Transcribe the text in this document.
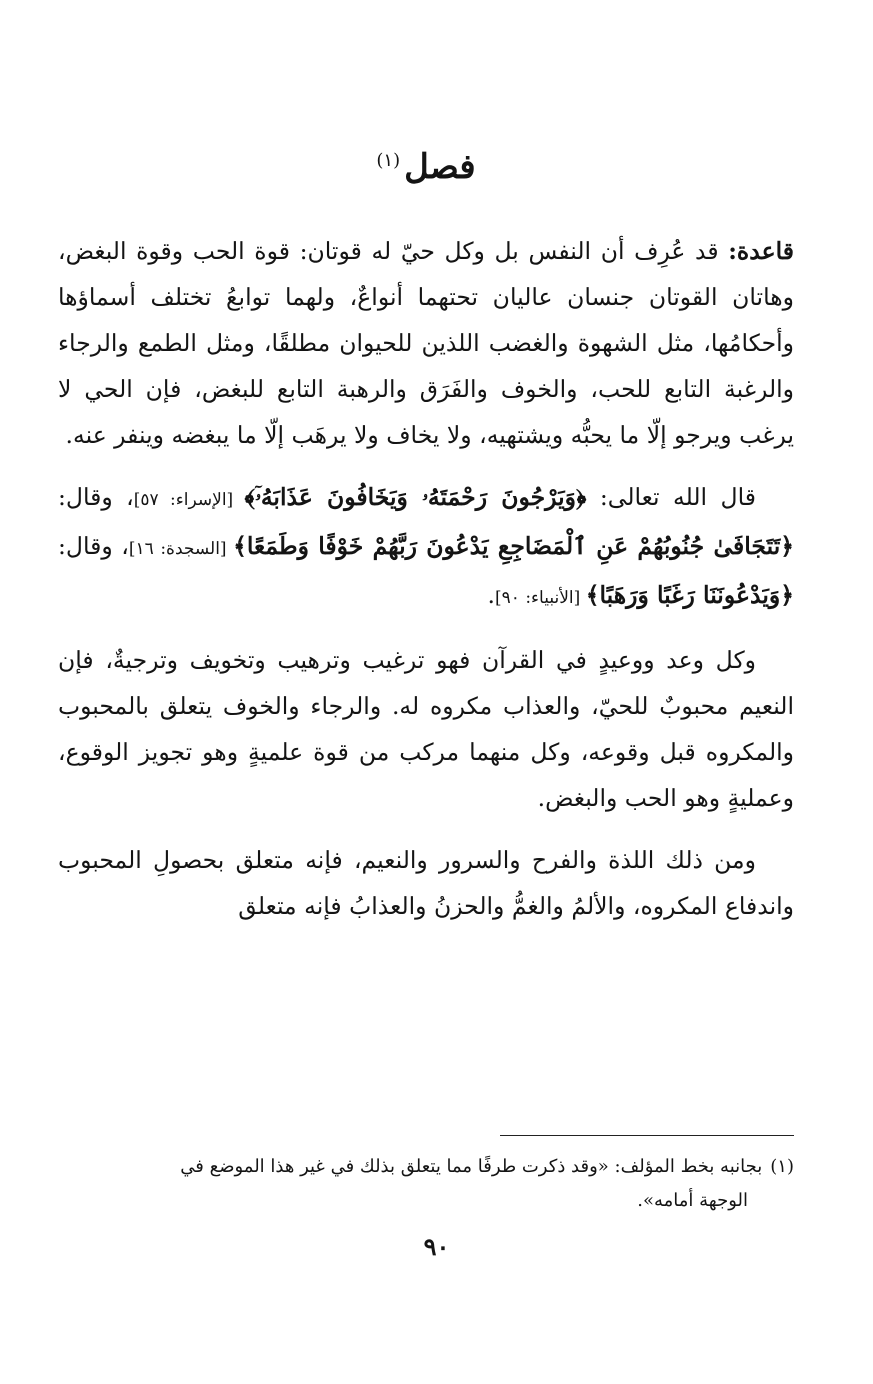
فصل$^{(١)}$

قاعدة: قد عُرِف أن النفس بل وكل حيّ له قوتان: قوة الحب وقوة البغض، وهاتان القوتان جنسان عاليان تحتهما أنواعٌ، ولهما توابعُ تختلف أسماؤها وأحكامُها، مثل الشهوة والغضب اللذين للحيوان مطلقًا، ومثل الطمع والرجاء والرغبة التابع للحب، والخوف والفَرَق والرهبة التابع للبغض، فإن الحي لا يرغب ويرجو إلّا ما يحبُّه ويشتهيه، ولا يخاف ولا يرهَب إلّا ما يبغضه وينفر عنه.

قال الله تعالى: ﴿وَيَرْجُونَ رَحْمَتَهُۥ وَيَخَافُونَ عَذَابَهُۥٓ﴾ [الإسراء: ٥٧]، وقال: ﴿تَتَجَافَىٰ جُنُوبُهُمْ عَنِ ٱلْمَضَاجِعِ يَدْعُونَ رَبَّهُمْ خَوْفًا وَطَمَعًا﴾ [السجدة: ١٦]، وقال: ﴿وَيَدْعُونَنَا رَغَبًا وَرَهَبًا﴾ [الأنبياء: ٩٠].

وكل وعد ووعيدٍ في القرآن فهو ترغيب وترهيب وتخويف وترجيةٌ، فإن النعيم محبوبٌ للحيّ، والعذاب مكروه له. والرجاء والخوف يتعلق بالمحبوب والمكروه قبل وقوعه، وكل منهما مركب من قوة علميةٍ وهو تجويز الوقوع، وعمليةٍ وهو الحب والبغض.

ومن ذلك اللذة والفرح والسرور والنعيم، فإنه متعلق بحصولِ المحبوب واندفاع المكروه، والألمُ والغمُّ والحزنُ والعذابُ فإنه متعلق

(١)بجانبه بخط المؤلف: «وقد ذكرت طرفًا مما يتعلق بذلك في غير هذا الموضع في
الوجهة أمامه».
٩٠
